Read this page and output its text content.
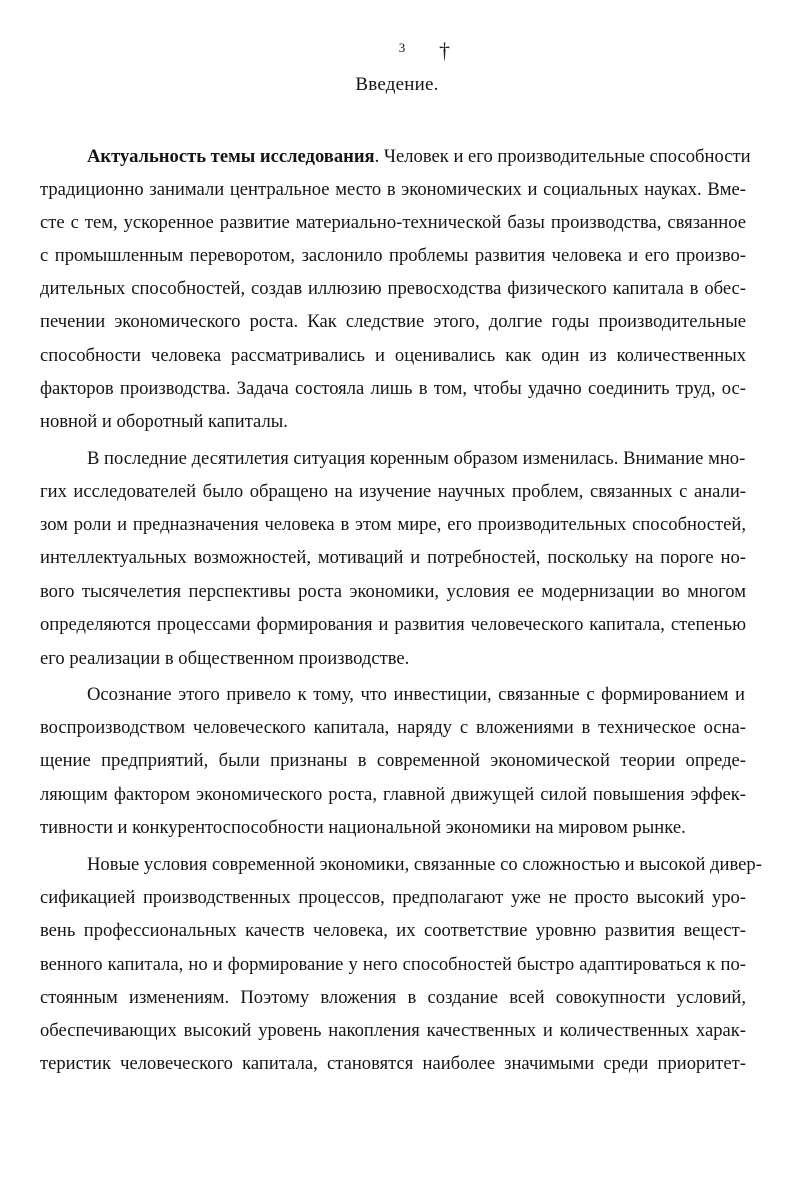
3	†
Введение.
Актуальность темы исследования. Человек и его производительные способности
традиционно занимали центральное место в экономических и социальных науках. Вме-
сте с тем, ускоренное развитие материально-технической базы производства, связанное
с промышленным переворотом, заслонило проблемы развития человека и его произво-
дительных способностей, создав иллюзию превосходства физического капитала в обес-
печении экономического роста. Как следствие этого, долгие годы производительные
способности человека рассматривались и оценивались как один из количественных
факторов производства. Задача состояла лишь в том, чтобы удачно соединить труд, ос-
новной и оборотный капиталы.
В последние десятилетия ситуация коренным образом изменилась. Внимание мно-
гих исследователей было обращено на изучение научных проблем, связанных с анали-
зом роли и предназначения человека в этом мире, его производительных способностей,
интеллектуальных возможностей, мотиваций и потребностей, поскольку на пороге но-
вого тысячелетия перспективы роста экономики, условия ее модернизации во многом
определяются процессами формирования и развития человеческого капитала, степенью
его реализации в общественном производстве.
Осознание этого привело к тому, что инвестиции, связанные с формированием и
воспроизводством человеческого капитала, наряду с вложениями в техническое осна-
щение предприятий, были признаны в современной экономической теории опреде-
ляющим фактором экономического роста, главной движущей силой повышения эффек-
тивности и конкурентоспособности национальной экономики на мировом рынке.
Новые условия современной экономики, связанные со сложностью и высокой дивер-
сификацией производственных процессов, предполагают уже не просто высокий уро-
вень профессиональных качеств человека, их соответствие уровню развития вещест-
венного капитала, но и формирование у него способностей быстро адаптироваться к по-
стоянным изменениям. Поэтому вложения в создание всей совокупности условий,
обеспечивающих высокий уровень накопления качественных и количественных харак-
теристик человеческого капитала, становятся наиболее значимыми среди приоритет-
